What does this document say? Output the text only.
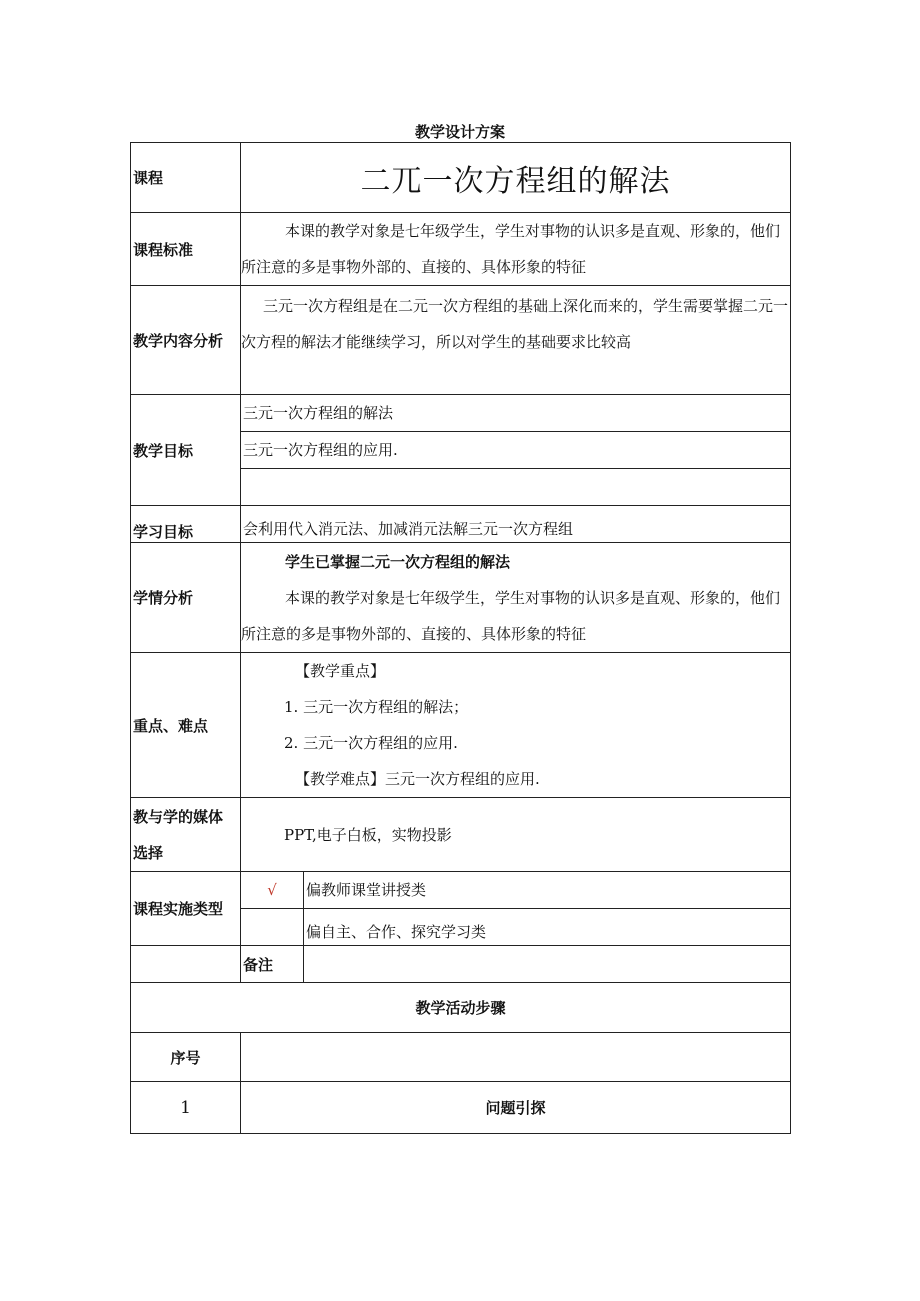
教学设计方案
课程	二兀一次方程组的解法	
课程标准	本课的教学对象是七年级学生，学生对事物的认识多是直观、形象的，他们所注意的多是事物外部的、直接的、具体形象的特征	

教学内容分析	三元一次方程组是在二元一次方程组的基础上深化而来的，学生需要掌握二元一次方程的解法才能继续学习，所以对学生的基础要求比较高	

教学目标	三元一次方程组的解法	
	三元一次方程组的应用.	

学习目标	会利用代入消元法、加减消元法解三元一次方程组	
学情分析	学生已掌握二元一次方程组的解法

本课的教学对象是七年级学生，学生对事物的认识多是直观、形象的，他们所注意的多是事物外部的、直接的、具体形象的特征	

重点、难点	【教学重点】

1. 三元一次方程组的解法；

2. 三元一次方程组的应用.

【教学难点】三元一次方程组的应用.	

教与学的媒体
选择	PPT,电子白板，实物投影	
课程实施类型	√	偏教师课堂讲授类
		偏自主、合作、探究学习类
	备注	
教学活动步骤		
序号		
1	问题引探	
